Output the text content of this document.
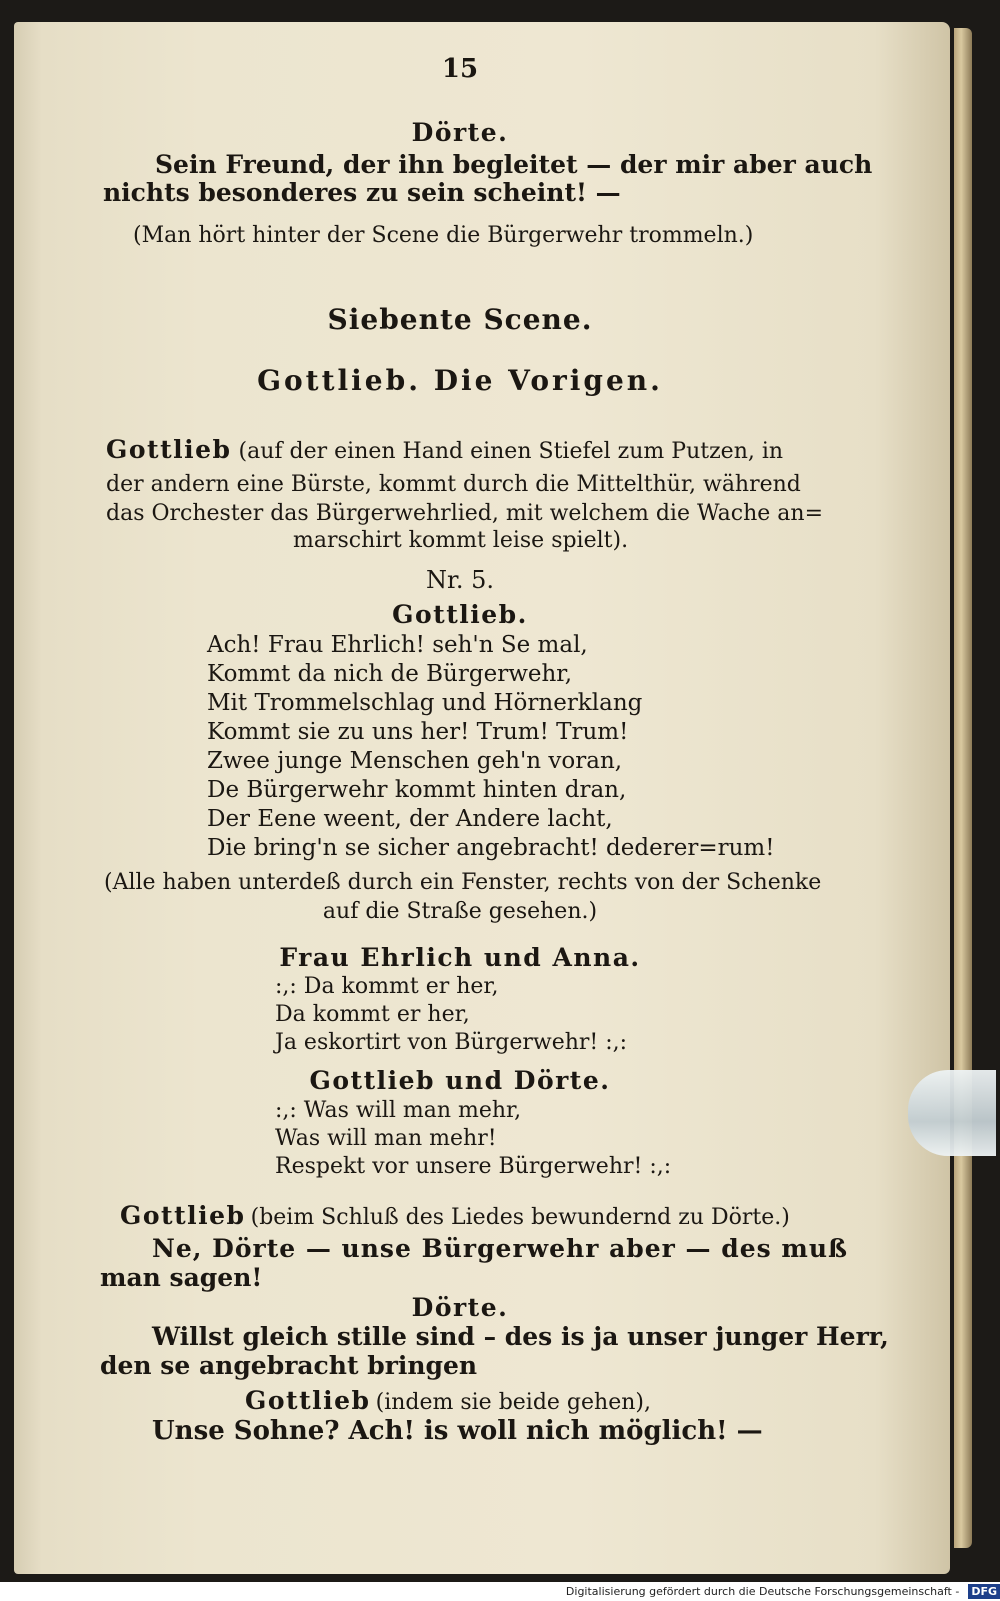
15
Dörte.
Sein Freund, der ihn begleitet — der mir aber auch
nichts besonderes zu sein scheint! —
(Man hört hinter der Scene die Bürgerwehr trommeln.)
Siebente Scene.
Gottlieb. Die Vorigen.
Gottlieb (auf der einen Hand einen Stiefel zum Putzen, in
der andern eine Bürste, kommt durch die Mittelthür, während
das Orchester das Bürgerwehrlied, mit welchem die Wache an=
marschirt kommt leise spielt).
Nr. 5.
Gottlieb.
Ach! Frau Ehrlich! seh'n Se mal,
Kommt da nich de Bürgerwehr,
Mit Trommelschlag und Hörnerklang
Kommt sie zu uns her! Trum! Trum!
Zwee junge Menschen geh'n voran,
De Bürgerwehr kommt hinten dran,
Der Eene weent, der Andere lacht,
Die bring'n se sicher angebracht! dederer=rum!
(Alle haben unterdeß durch ein Fenster, rechts von der Schenke
auf die Straße gesehen.)
Frau Ehrlich und Anna.
:,: Da kommt er her,
Da kommt er her,
Ja eskortirt von Bürgerwehr! :,:
Gottlieb und Dörte.
:,: Was will man mehr,
Was will man mehr!
Respekt vor unsere Bürgerwehr! :,:
Gottlieb (beim Schluß des Liedes bewundernd zu Dörte.)
Ne, Dörte — unse Bürgerwehr aber — des muß
man sagen!
Dörte.
Willst gleich stille sind – des is ja unser junger Herr,
den se angebracht bringen
Gottlieb (indem sie beide gehen),
Unse Sohne? Ach! is woll nich möglich! —
Digitalisierung gefördert durch die Deutsche Forschungsgemeinschaft - DFG
